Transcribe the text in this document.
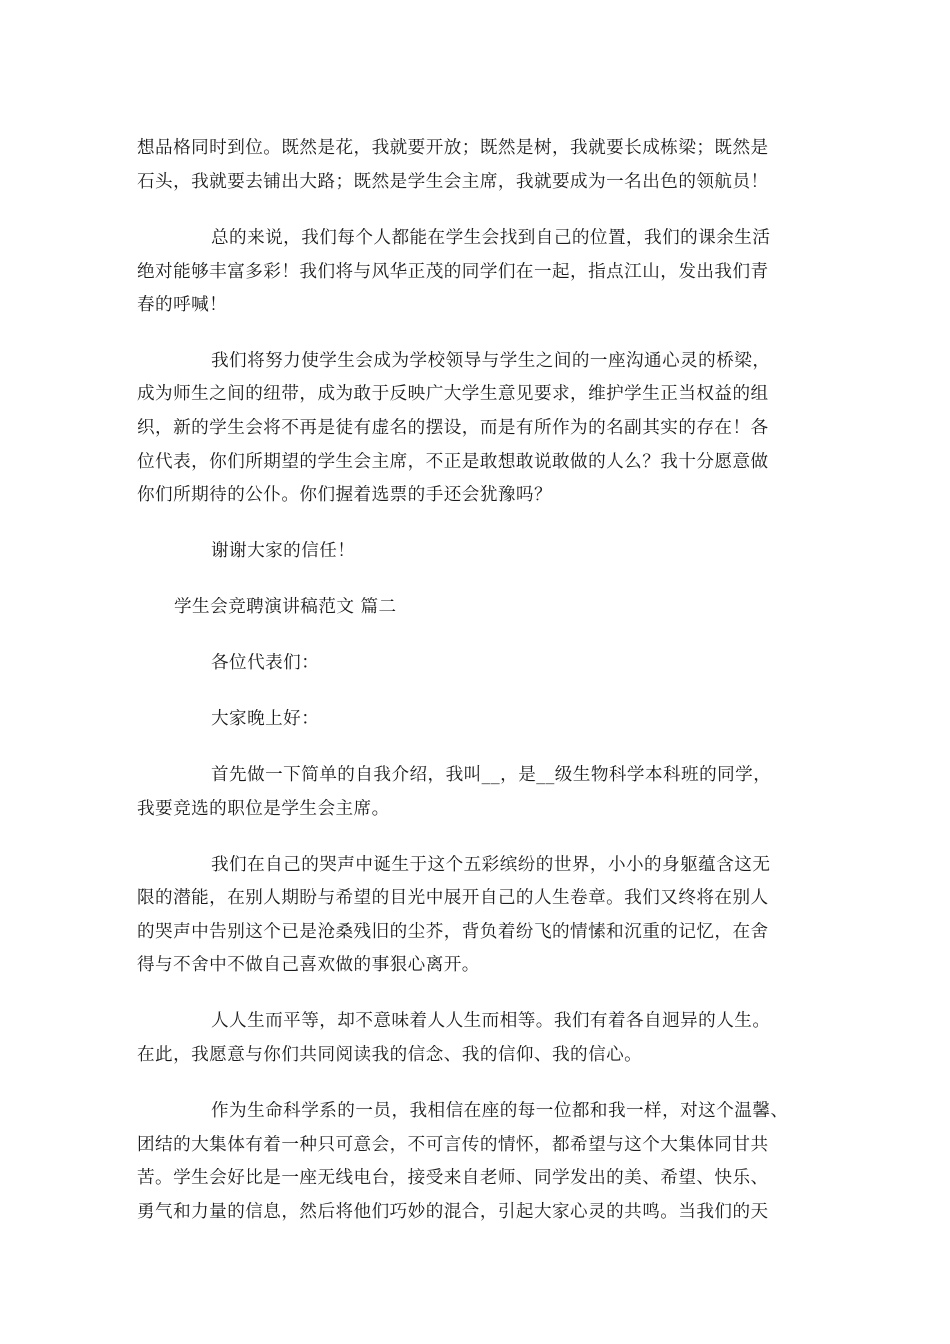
想品格同时到位。既然是花，我就要开放；既然是树，我就要长成栋梁；既然是
石头，我就要去铺出大路；既然是学生会主席，我就要成为一名出色的领航员！
总的来说，我们每个人都能在学生会找到自己的位置，我们的课余生活
绝对能够丰富多彩！我们将与风华正茂的同学们在一起，指点江山，发出我们青
春的呼喊！
我们将努力使学生会成为学校领导与学生之间的一座沟通心灵的桥梁，
成为师生之间的纽带，成为敢于反映广大学生意见要求，维护学生正当权益的组
织，新的学生会将不再是徒有虚名的摆设，而是有所作为的名副其实的存在！各
位代表，你们所期望的学生会主席，不正是敢想敢说敢做的人么？我十分愿意做
你们所期待的公仆。你们握着选票的手还会犹豫吗？
谢谢大家的信任！
学生会竞聘演讲稿范文 篇二
各位代表们：
大家晚上好：
首先做一下简单的自我介绍，我叫__，是__级生物科学本科班的同学，
我要竞选的职位是学生会主席。
我们在自己的哭声中诞生于这个五彩缤纷的世界，小小的身躯蕴含这无
限的潜能，在别人期盼与希望的目光中展开自己的人生卷章。我们又终将在别人
的哭声中告别这个已是沧桑残旧的尘芥，背负着纷飞的情愫和沉重的记忆，在舍
得与不舍中不做自己喜欢做的事狠心离开。
人人生而平等，却不意味着人人生而相等。我们有着各自迥异的人生。
在此，我愿意与你们共同阅读我的信念、我的信仰、我的信心。
作为生命科学系的一员，我相信在座的每一位都和我一样，对这个温馨、
团结的大集体有着一种只可意会，不可言传的情怀，都希望与这个大集体同甘共
苦。学生会好比是一座无线电台，接受来自老师、同学发出的美、希望、快乐、
勇气和力量的信息，然后将他们巧妙的混合，引起大家心灵的共鸣。当我们的天
